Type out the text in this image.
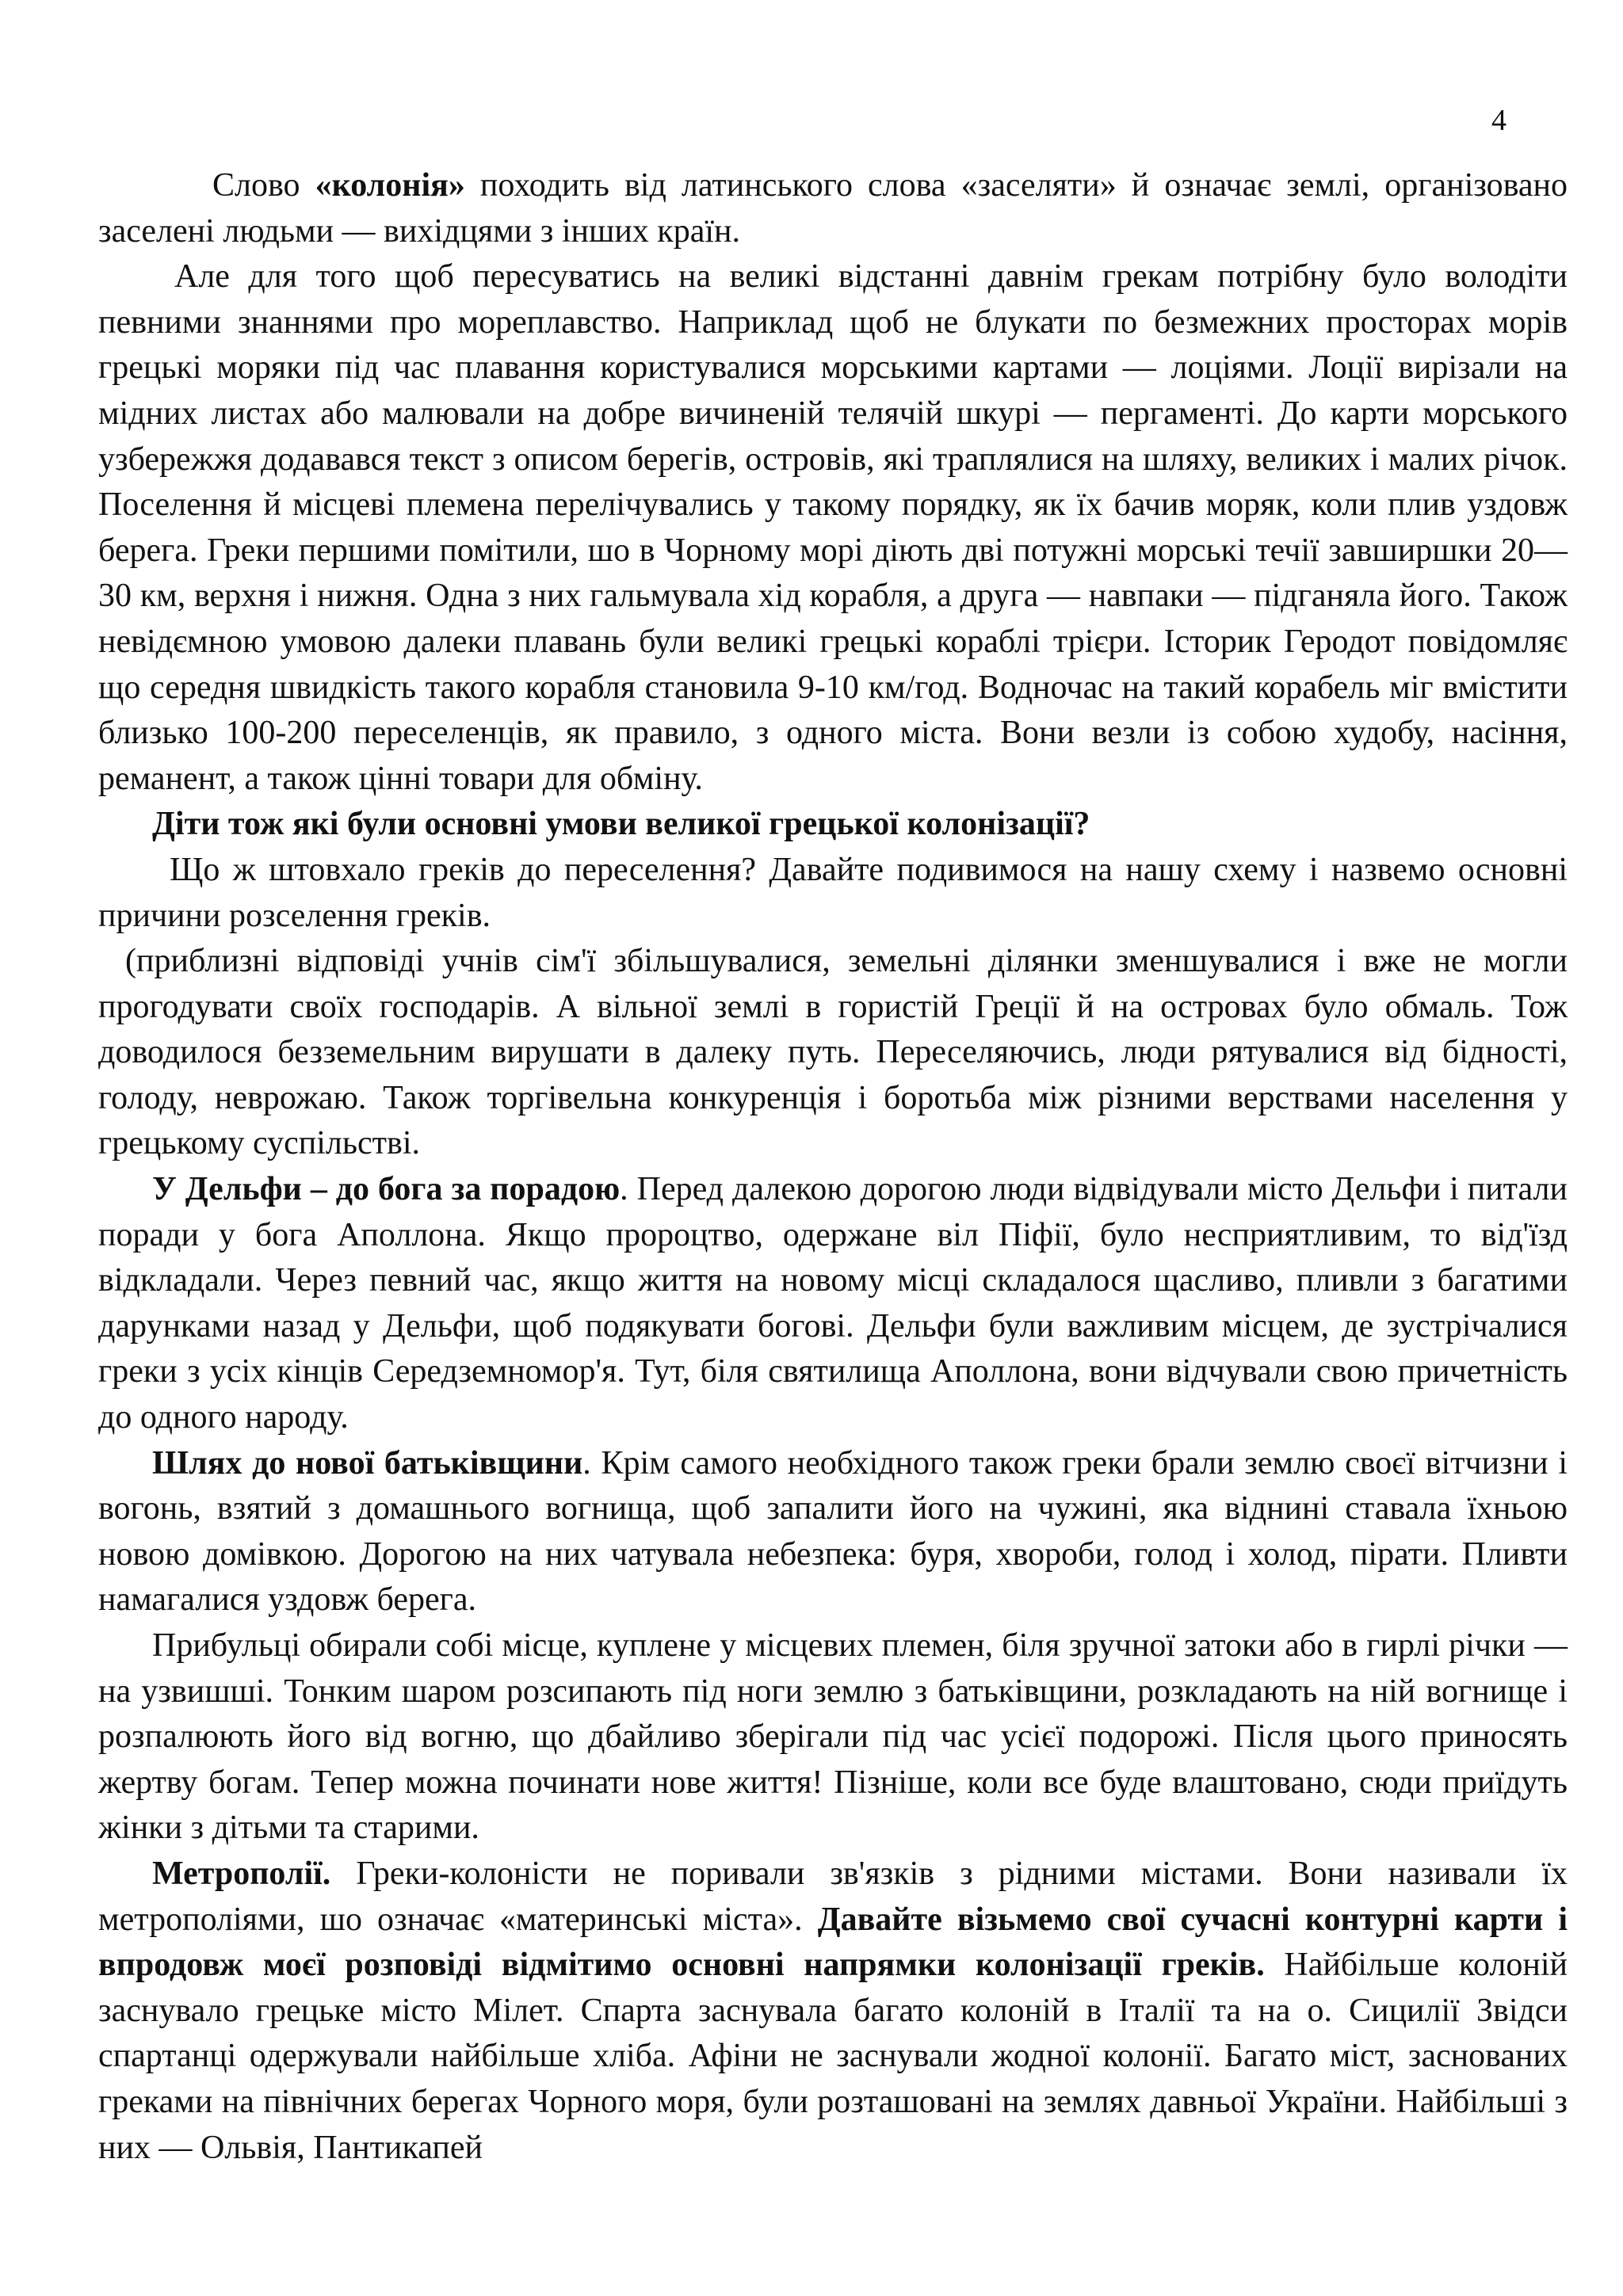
4

Слово «колонія» походить від латинського слова «заселяти» й означає землі, організовано заселені людьми — вихідцями з інших країн.

Але для того щоб пересуватись на великі відстанні давнім грекам потрібну було володіти певними знаннями про мореплавство. Наприклад щоб не блукати по безмежних просторах морів грецькі моряки під час плавання користувалися морськими картами — лоціями. Лоції вирізали на мідних листах або малювали на добре вичиненій телячій шкурі — пергаменті. До карти морського узбережжя додавався текст з описом берегів, островів, які траплялися на шляху, великих і малих річок. Поселення й місцеві племена перелічувались у такому порядку, як їх бачив моряк, коли плив уздовж берега. Греки першими помітили, шо в Чорному морі діють дві потужні морські течії завширшки 20—30 км, верхня і нижня. Одна з них гальмувала хід корабля, а друга — навпаки — підганяла його. Також невідємною умовою далеки плавань були великі грецькі кораблі трієри. Історик Геродот повідомляє що середня швидкість такого корабля становила 9-10 км/год. Водночас на такий корабель міг вмістити близько 100-200 переселенців, як правило, з одного міста. Вони везли із собою худобу, насіння, реманент, а також цінні товари для обміну.

Діти тож які були основні умови великої грецької колонізації?

Що ж штовхало греків до переселення? Давайте подивимося на нашу схему і назвемо основні причини розселення греків.

(приблизні відповіді учнів сім'ї збільшувалися, земельні ділянки зменшувалися і вже не могли прогодувати своїх господарів. А вільної землі в гористій Греції й на островах було обмаль. Тож доводилося безземельним вирушати в далеку путь. Переселяючись, люди рятувалися від бідності, голоду, неврожаю. Також торгівельна конкуренція і боротьба між різними верствами населення у грецькому суспільстві.

У Дельфи – до бога за порадою. Перед далекою дорогою люди відвідували місто Дельфи і питали поради у бога Аполлона. Якщо пророцтво, одержане віл Піфії, було несприятливим, то від'їзд відкладали. Через певний час, якщо життя на новому місці складалося щасливо, пливли з багатими дарунками назад у Дельфи, щоб подякувати богові. Дельфи були важливим місцем, де зустрічалися греки з усіх кінців Середземномор'я. Тут, біля святилища Аполлона, вони відчували свою причетність до одного народу.

Шлях до нової батьківщини. Крім самого необхідного також греки брали землю своєї вітчизни і вогонь, взятий з домашнього вогнища, щоб запалити його на чужині, яка віднині ставала їхньою новою домівкою. Дорогою на них чатувала небезпека: буря, хвороби, голод і холод, пірати. Пливти намагалися уздовж берега.

Прибульці обирали собі місце, куплене у місцевих племен, біля зручної затоки або в гирлі річки — на узвишші. Тонким шаром розсипають під ноги землю з батьківщини, розкладають на ній вогнище і розпалюють його від вогню, що дбайливо зберігали під час усієї подорожі. Після цього приносять жертву богам. Тепер можна починати нове життя! Пізніше, коли все буде влаштовано, сюди приїдуть жінки з дітьми та старими.

Метрополії. Греки-колоністи не поривали зв'язків з рідними містами. Вони називали їх метрополіями, шо означає «материнські міста». Давайте візьмемо свої сучасні контурні карти і впродовж моєї розповіді відмітимо основні напрямки колонізації греків. Найбільше колоній заснувало грецьке місто Мілет. Спарта заснувала багато колоній в Італії та на о. Сицилії Звідси спартанці одержували найбільше хліба. Афіни не заснували жодної колонії. Багато міст, заснованих греками на північних берегах Чорного моря, були розташовані на землях давньої України. Найбільші з них — Ольвія, Пантикапей
